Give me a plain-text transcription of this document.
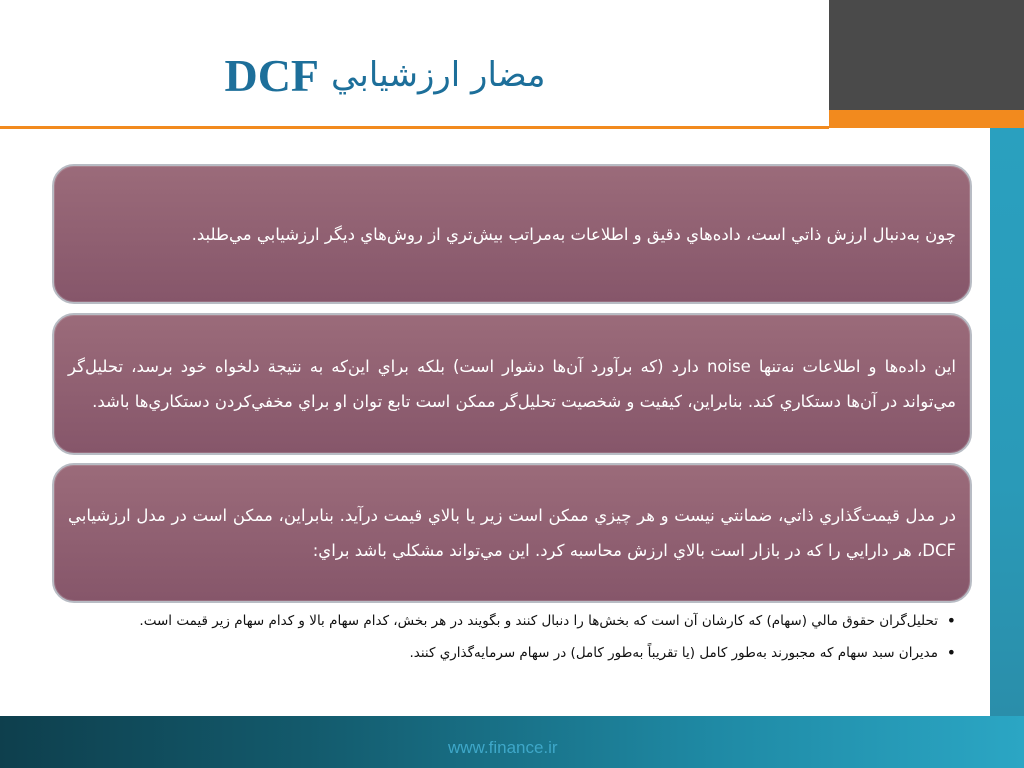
مضار ارزشيابي
DCF

چون به‌دنبال ارزش ذاتي است، داده‌هاي دقيق و اطلاعات به‌مراتب بيش‌تري از روش‌هاي ديگر ارزشيابي مي‌طلبد.

اين داده‌ها و اطلاعات نه‌تنها noise دارد (كه برآورد آن‌ها دشوار است) بلكه براي اين‌كه به نتيجة دلخواه خود برسد، تحليل‌گر مي‌تواند در آن‌ها دستكاري كند. بنابراين، كيفيت و شخصيت تحليل‌گر ممكن است تابع توان او براي مخفي‌كردن دستكاري‌ها باشد.

در مدل قيمت‌گذاري ذاتي، ضمانتي نيست و هر چيزي ممكن است زير يا بالاي قيمت درآيد. بنابراين، ممكن است در مدل ارزشيابي DCF، هر دارايي را كه در بازار است بالاي ارزش محاسبه كرد. اين مي‌تواند مشكلي باشد براي:

• تحليل‌گران حقوق مالي (سهام) كه كارشان آن است كه بخش‌ها را دنبال كنند و بگويند در هر بخش، كدام سهام بالا و كدام سهام زير قيمت است.
• مديران سبد سهام كه مجبورند به‌طور كامل (يا تقريباً به‌طور كامل) در سهام سرمايه‌گذاري كنند.
www.finance.ir
